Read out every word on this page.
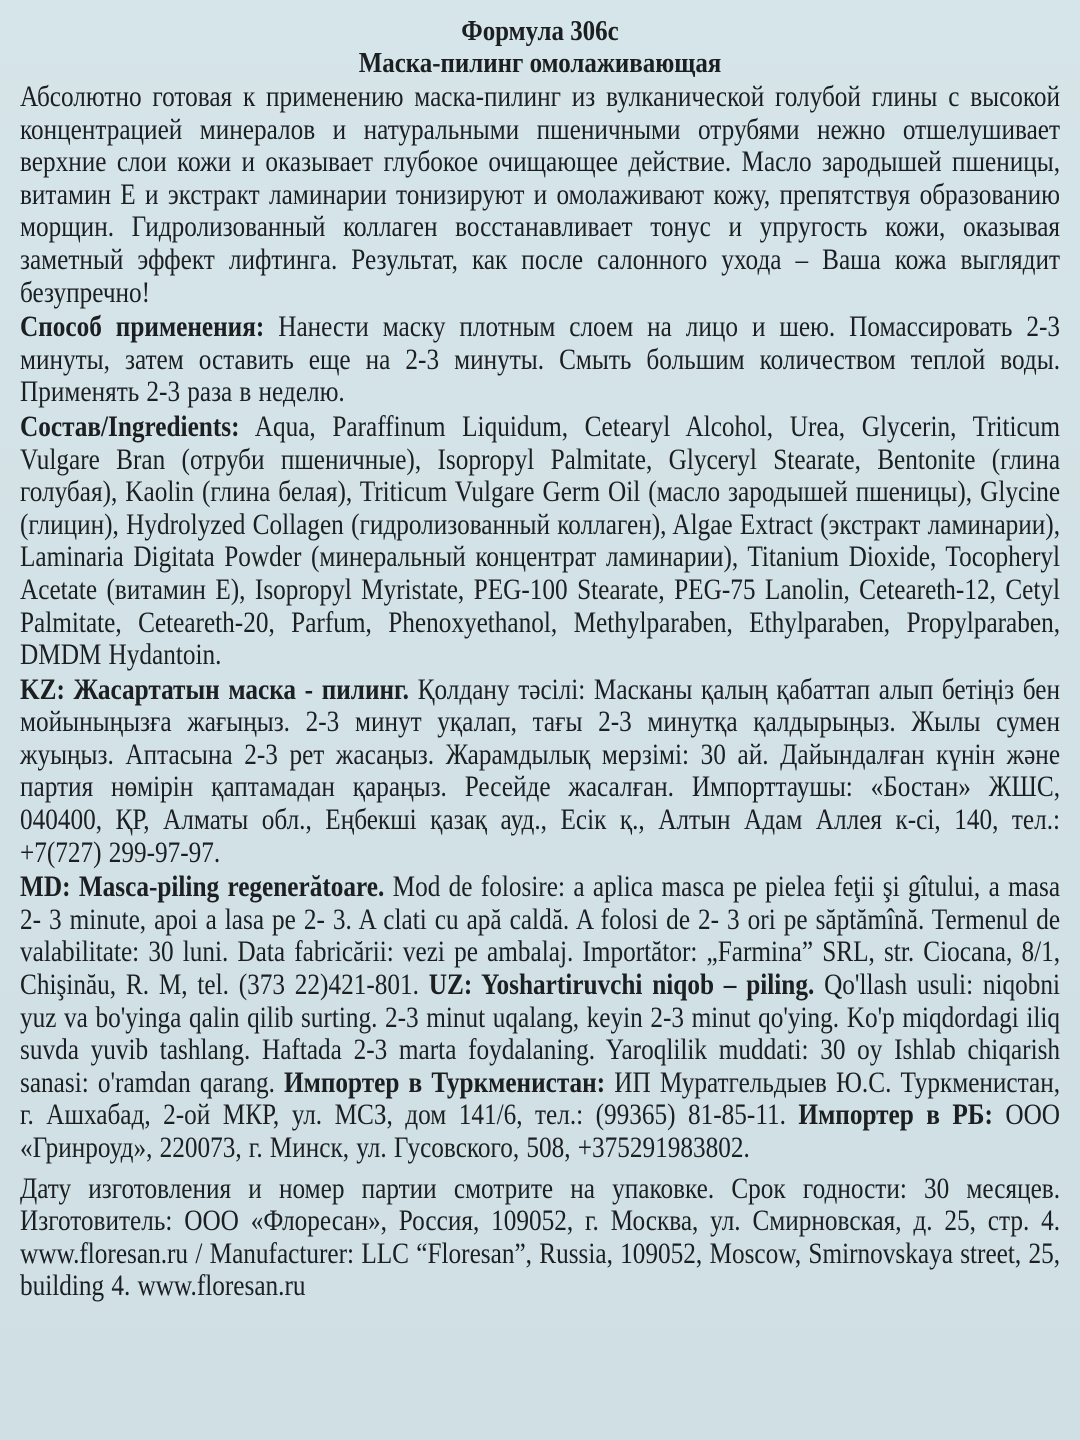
Формула 306с
Маска-пилинг омолаживающая

Абсолютно готовая к применению маска-пилинг из вулканической голубой глины с высокой концентрацией минералов и натуральными пшеничными отрубями нежно отшелушивает верхние слои кожи и оказывает глубокое очищающее действие. Масло зародышей пшеницы, витамин Е и экстракт ламинарии тонизируют и омолаживают кожу, препятствуя образованию морщин. Гидролизованный коллаген восстанавливает тонус и упругость кожи, оказывая заметный эффект лифтинга. Результат, как после салонного ухода – Ваша кожа выглядит безупречно!

Способ применения: Нанести маску плотным слоем на лицо и шею. Помассировать 2-3 минуты, затем оставить еще на 2-3 минуты. Смыть большим количеством теплой воды. Применять 2-3 раза в неделю.

Состав/Ingredients: Aqua, Paraffinum Liquidum, Cetearyl Alcohol, Urea, Glycerin, Triticum Vulgare Bran (отруби пшеничные), Isopropyl Palmitate, Glyceryl Stearate, Bentonite (глина голубая), Kaolin (глина белая), Triticum Vulgare Germ Oil (масло зародышей пшеницы), Glycine (глицин), Hydrolyzed Collagen (гидролизованный коллаген), Algae Extract (экстракт ламинарии), Laminaria Digitata Powder (минеральный концентрат ламинарии), Titanium Dioxide, Tocopheryl Acetate (витамин Е), Isopropyl Myristate, PEG-100 Stearate, PEG-75 Lanolin, Ceteareth-12, Cetyl Palmitate, Ceteareth-20, Parfum, Phenoxyethanol, Methylparaben, Ethylparaben, Propylparaben, DMDM Hydantoin.

KZ: Жасартатын маска - пилинг. Қолдану тәсілі: Масканы қалың қабаттап алып бетіңіз бен мойыныңызға жағыңыз. 2-3 минут уқалап, тағы 2-3 минутқа қалдырыңыз. Жылы сумен жуыңыз. Аптасына 2-3 рет жасаңыз. Жарамдылық мерзімі: 30 ай. Дайындалған күнін және партия нөмірін қаптамадан қараңыз. Ресейде жасалған. Импорттаушы: «Бостан» ЖШС, 040400, ҚР, Алматы обл., Еңбекші қазақ ауд., Есік қ., Алтын Адам Аллея к-сі, 140, тел.: +7(727) 299-97-97.

MD: Masca-piling regenerătoare. Mod de folosire: a aplica masca pe pielea feţii şi gîtului, a masa 2- 3 minute, apoi a lasa pe 2- 3. A clati cu apă caldă. A folosi de 2- 3 ori pe săptămînă. Termenul de valabilitate: 30 luni. Data fabricării: vezi pe ambalaj. Importător: „Farmina” SRL, str. Ciocana, 8/1, Chişinău, R. M, tel. (373 22)421-801. UZ: Yoshartiruvchi niqob – piling. Qo'llash usuli: niqobni yuz va bo'yinga qalin qilib surting. 2-3 minut uqalang, keyin 2-3 minut qo'ying. Ko'p miqdordagi iliq suvda yuvib tashlang. Haftada 2-3 marta foydalaning. Yaroqlilik muddati: 30 oy Ishlab chiqarish sanasi: o'ramdan qarang. Импортер в Туркменистан: ИП Муратгельдыев Ю.С. Туркменистан, г. Ашхабад, 2-ой МКР, ул. МСЗ, дом 141/6, тел.: (99365) 81-85-11. Импортер в РБ: ООО «Гринроуд», 220073, г. Минск, ул. Гусовского, 508, +375291983802.

Дату изготовления и номер партии смотрите на упаковке. Срок годности: 30 месяцев. Изготовитель: ООО «Флоресан», Россия, 109052, г. Москва, ул. Смирновская, д. 25, стр. 4. www.floresan.ru / Manufacturer: LLC “Floresan”, Russia, 109052, Moscow, Smirnovskaya street, 25, building 4. www.floresan.ru
